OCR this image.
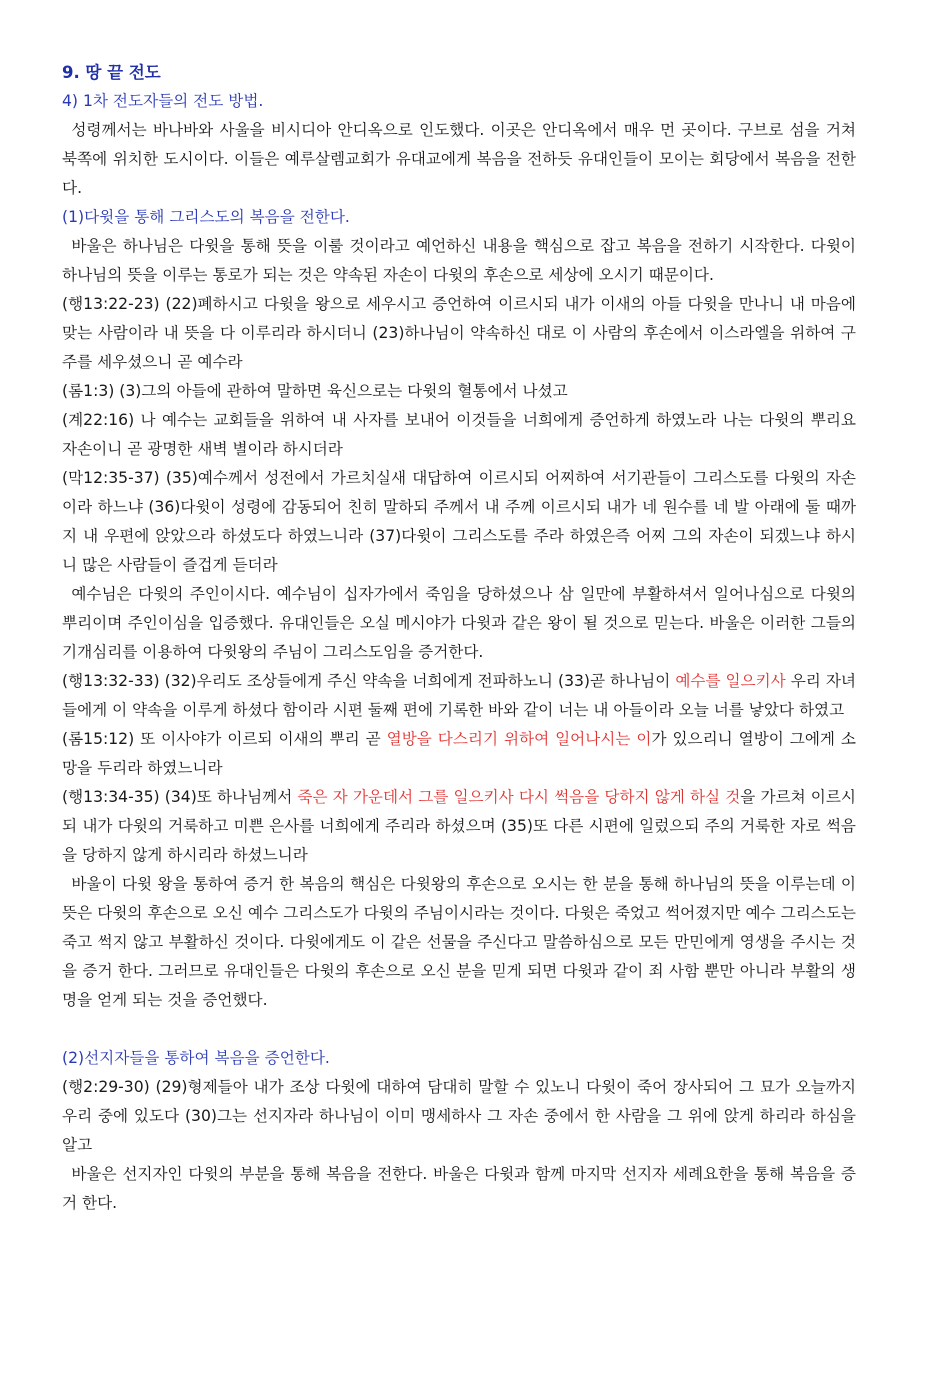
9. 땅 끝 전도
4) 1차 전도자들의 전도 방법.
성령께서는 바나바와 사울을 비시디아 안디옥으로 인도했다. 이곳은 안디옥에서 매우 먼 곳이다. 구브로 섬을 거쳐 북쪽에 위치한 도시이다. 이들은 예루살렘교회가 유대교에게 복음을 전하듯 유대인들이 모이는 회당에서 복음을 전한다.
(1)다윗을 통해 그리스도의 복음을 전한다.
바울은 하나님은 다윗을 통해 뜻을 이룰 것이라고 예언하신 내용을 핵심으로 잡고 복음을 전하기 시작한다. 다윗이 하나님의 뜻을 이루는 통로가 되는 것은 약속된 자손이 다윗의 후손으로 세상에 오시기 때문이다.
(행13:22-23) (22)폐하시고 다윗을 왕으로 세우시고 증언하여 이르시되 내가 이새의 아들 다윗을 만나니 내 마음에 맞는 사람이라 내 뜻을 다 이루리라 하시더니 (23)하나님이 약속하신 대로 이 사람의 후손에서 이스라엘을 위하여 구주를 세우셨으니 곧 예수라
(롬1:3) (3)그의 아들에 관하여 말하면 육신으로는 다윗의 혈통에서 나셨고
(계22:16) 나 예수는 교회들을 위하여 내 사자를 보내어 이것들을 너희에게 증언하게 하였노라 나는 다윗의 뿌리요 자손이니 곧 광명한 새벽 별이라 하시더라
(막12:35-37) (35)예수께서 성전에서 가르치실새 대답하여 이르시되 어찌하여 서기관들이 그리스도를 다윗의 자손이라 하느냐 (36)다윗이 성령에 감동되어 친히 말하되 주께서 내 주께 이르시되 내가 네 원수를 네 발 아래에 둘 때까지 내 우편에 앉았으라 하셨도다 하였느니라 (37)다윗이 그리스도를 주라 하였은즉 어찌 그의 자손이 되겠느냐 하시니 많은 사람들이 즐겁게 듣더라
예수님은 다윗의 주인이시다. 예수님이 십자가에서 죽임을 당하셨으나 삼 일만에 부활하셔서 일어나심으로 다윗의 뿌리이며 주인이심을 입증했다. 유대인들은 오실 메시야가 다윗과 같은 왕이 될 것으로 믿는다. 바울은 이러한 그들의 기개심리를 이용하여 다윗왕의 주님이 그리스도임을 증거한다.
(행13:32-33) (32)우리도 조상들에게 주신 약속을 너희에게 전파하노니 (33)곧 하나님이 예수를 일으키사 우리 자녀들에게 이 약속을 이루게 하셨다 함이라 시편 둘째 편에 기록한 바와 같이 너는 내 아들이라 오늘 너를 낳았다 하였고
(롬15:12) 또 이사야가 이르되 이새의 뿌리 곧 열방을 다스리기 위하여 일어나시는 이가 있으리니 열방이 그에게 소망을 두리라 하였느니라
(행13:34-35) (34)또 하나님께서 죽은 자 가운데서 그를 일으키사 다시 썩음을 당하지 않게 하실 것을 가르쳐 이르시되 내가 다윗의 거룩하고 미쁜 은사를 너희에게 주리라 하셨으며 (35)또 다른 시편에 일렀으되 주의 거룩한 자로 썩음을 당하지 않게 하시리라 하셨느니라
바울이 다윗 왕을 통하여 증거 한 복음의 핵심은 다윗왕의 후손으로 오시는 한 분을 통해 하나님의 뜻을 이루는데 이 뜻은 다윗의 후손으로 오신 예수 그리스도가 다윗의 주님이시라는 것이다. 다윗은 죽었고 썩어졌지만 예수 그리스도는 죽고 썩지 않고 부활하신 것이다. 다윗에게도 이 같은 선물을 주신다고 말씀하심으로 모든 만민에게 영생을 주시는 것을 증거 한다. 그러므로 유대인들은 다윗의 후손으로 오신 분을 믿게 되면 다윗과 같이 죄 사함 뿐만 아니라 부활의 생명을 얻게 되는 것을 증언했다.
(2)선지자들을 통하여 복음을 증언한다.
(행2:29-30) (29)형제들아 내가 조상 다윗에 대하여 담대히 말할 수 있노니 다윗이 죽어 장사되어 그 묘가 오늘까지 우리 중에 있도다 (30)그는 선지자라 하나님이 이미 맹세하사 그 자손 중에서 한 사람을 그 위에 앉게 하리라 하심을 알고
바울은 선지자인 다윗의 부분을 통해 복음을 전한다. 바울은 다윗과 함께 마지막 선지자 세례요한을 통해 복음을 증거 한다.
